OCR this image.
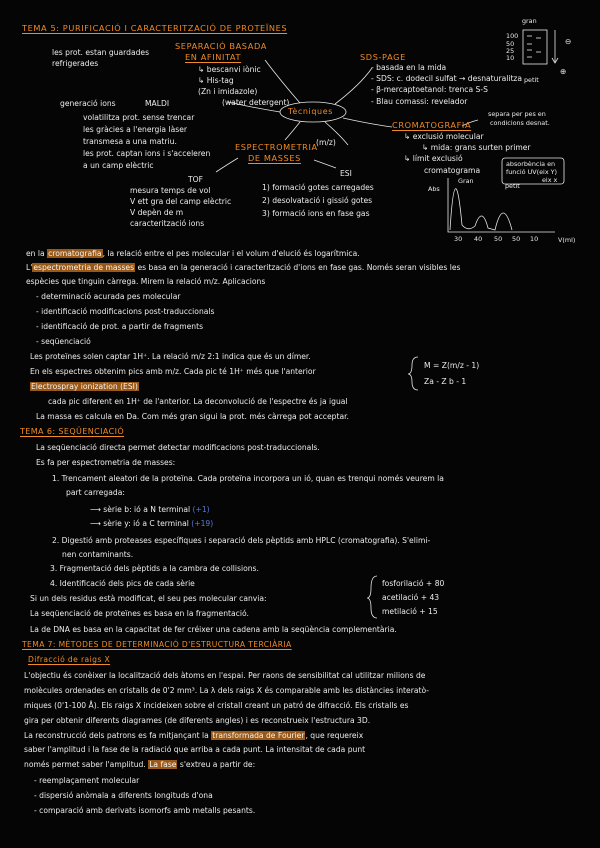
TEMA 5: PURIFICACIÓ I CARACTERITZACIÓ DE PROTEÏNES
les prot. estan guardades
refrigerades
SEPARACIÓ BASADA
EN AFINITAT
↳ bescanvi iònic
↳ His-tag
(Zn i imidazole)
(water detergent)
SDS-PAGE
- basada en la mida
- SDS: c. dodecil sulfat → desnaturalitza
- β-mercaptoetanol: trenca S-S
- Blau comassi: revelador
gran
100
50
25
10
⊖
⊕
petit
generació ions	MALDI
volatilitza prot. sense trencar
les gràcies a l'energia làser
transmesa a una matriu.
les prot. captan ions i s'acceleren
a un camp elèctric
Tècniques
CROMATOGRAFIA
separa per pes en
condicions desnat.
↳ exclusió molecular
↳ mida: grans surten primer
↳ límit exclusió
cromatograma
absorbència en
funció UV(eix Y)
eix x
Gran
petit
Abs
30 40 50 50 10	V(ml)
ESPECTROMETRIA
DE MASSES
(m/z)
TOF
mesura temps de vol
V ett gra del camp elèctric
V depèn de m
caracterització ions
ESI
1) formació gotes carregades
2) desolvatació i gissió gotes
3) formació ions en fase gas
en la cromatografia, la relació entre el pes molecular i el volum d'elució és logarítmica.
L'espectrometria de masses es basa en la generació i caracterització d'ions en fase gas. Només seran visibles les
espècies que tinguin càrrega. Mirem la relació m/z. Aplicacions
- determinació acurada pes molecular
- identificació modificacions post-traduccionals
- identificació de prot. a partir de fragments
- seqüenciació
Les proteïnes solen captar 1H⁺. La relació m/z 2:1 indica que és un dímer.
En els espectres obtenim pics amb m/z. Cada pic té 1H⁺ més que l'anterior
M = Z(m/z - 1)
Za - Z b - 1
Electrospray ionization (ESI)
cada pic diferent en 1H⁺ de l'anterior. La deconvolució de l'espectre és ja igual
La massa es calcula en Da. Com més gran sigui la prot. més càrrega pot acceptar.
TEMA 6: SEQÜENCIACIÓ
La seqüenciació directa permet detectar modificacions post-traduccionals.
Es fa per espectrometria de masses:
1. Trencament aleatori de la proteïna. Cada proteïna incorpora un ió, quan es trenqui només veurem la
part carregada:
⟶ sèrie b: ió a N terminal (+1)
⟶ sèrie y: ió a C terminal (+19)
2. Digestió amb proteases específiques i separació dels pèptids amb HPLC (cromatografia). S'elimi-
nen contaminants.
3. Fragmentació dels pèptids a la cambra de collisions.
4. Identificació dels pics de cada sèrie	fosforilació + 80
acetilació + 43
metilació + 15
Si un dels residus està modificat, el seu pes molecular canvia:
La seqüenciació de proteïnes es basa en la fragmentació.
La de DNA es basa en la capacitat de fer créixer una cadena amb la seqüència complementària.
TEMA 7: MÈTODES DE DETERMINACIÓ D'ESTRUCTURA TERCIÀRIA
Difracció de raigs X
L'objectiu és conèixer la localització dels àtoms en l'espai. Per raons de sensibilitat cal utilitzar milions de
molècules ordenades en cristalls de 0'2 mm³. La λ dels raigs X és comparable amb les distàncies interatò-
miques (0'1-100 Å). Els raigs X incideixen sobre el cristall creant un patró de difracció. Els cristalls es
gira per obtenir diferents diagrames (de diferents angles) i es reconstrueix l'estructura 3D.
La reconstrucció dels patrons es fa mitjançant la transformada de Fourier, que requereix
saber l'amplitud i la fase de la radiació que arriba a cada punt. La intensitat de cada punt
només permet saber l'amplitud. La fase s'extreu a partir de:
- reemplaçament molecular
- dispersió anòmala a diferents longituds d'ona
- comparació amb derivats isomorfs amb metalls pesants.
